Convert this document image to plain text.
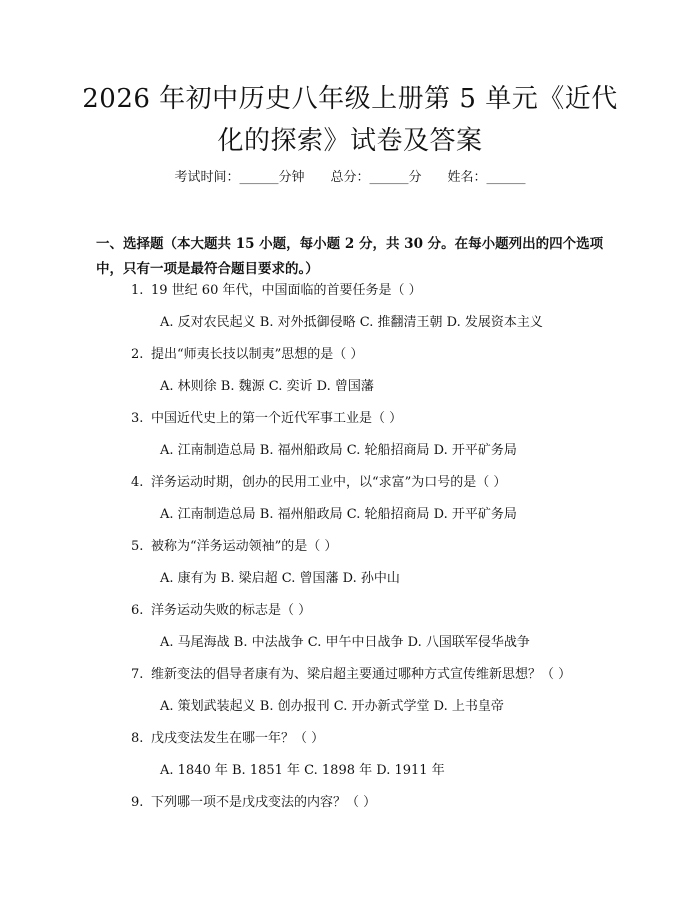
2026 年初中历史八年级上册第 5 单元《近代化的探索》试卷及答案
考试时间：______分钟 总分：______分 姓名：______

一、选择题（本大题共 15 小题，每小题 2 分，共 30 分。在每小题列出的四个选项中，只有一项是最符合题目要求的。）

1. 19 世纪 60 年代，中国面临的首要任务是（ ）
A. 反对农民起义 B. 对外抵御侵略 C. 推翻清王朝 D. 发展资本主义
2. 提出“师夷长技以制夷”思想的是（ ）
A. 林则徐 B. 魏源 C. 奕䜣 D. 曾国藩
3. 中国近代史上的第一个近代军事工业是（ ）
A. 江南制造总局 B. 福州船政局 C. 轮船招商局 D. 开平矿务局
4. 洋务运动时期，创办的民用工业中，以“求富”为口号的是（ ）
A. 江南制造总局 B. 福州船政局 C. 轮船招商局 D. 开平矿务局
5. 被称为“洋务运动领袖”的是（ ）
A. 康有为 B. 梁启超 C. 曾国藩 D. 孙中山
6. 洋务运动失败的标志是（ ）
A. 马尾海战 B. 中法战争 C. 甲午中日战争 D. 八国联军侵华战争
7. 维新变法的倡导者康有为、梁启超主要通过哪种方式宣传维新思想？（ ）
A. 策划武装起义 B. 创办报刊 C. 开办新式学堂 D. 上书皇帝
8. 戊戌变法发生在哪一年？（ ）
A. 1840 年 B. 1851 年 C. 1898 年 D. 1911 年
9. 下列哪一项不是戊戌变法的内容？（ ）
